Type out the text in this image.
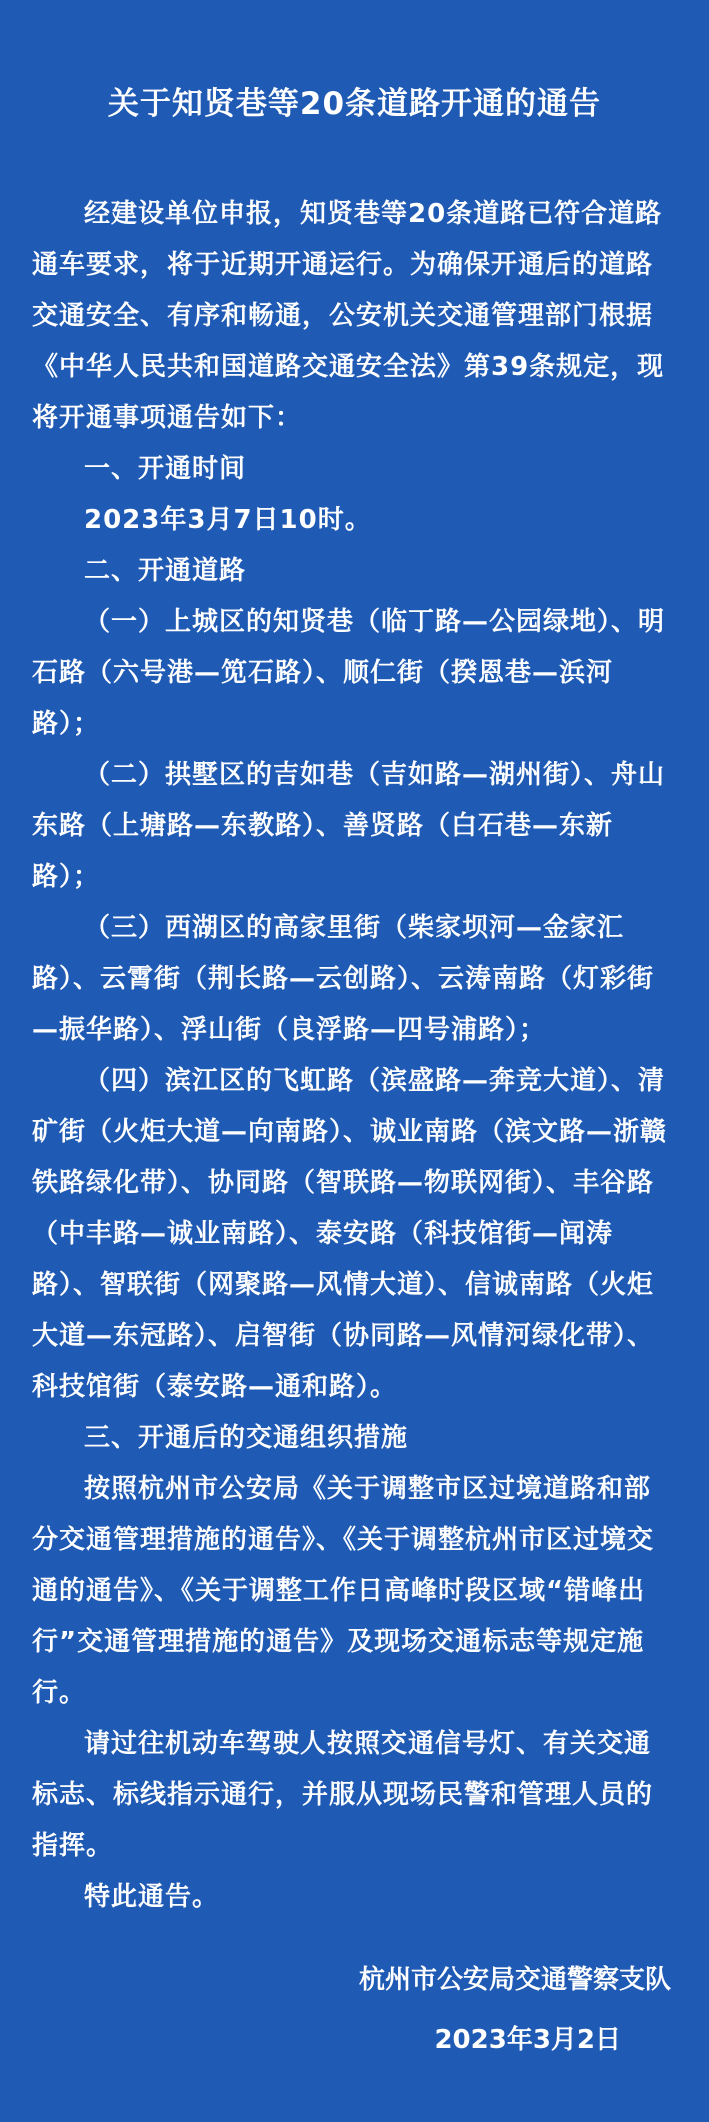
关于知贤巷等20条道路开通的通告

经建设单位申报，知贤巷等20条道路已符合道路通车要求，将于近期开通运行。为确保开通后的道路交通安全、有序和畅通，公安机关交通管理部门根据《中华人民共和国道路交通安全法》第39条规定，现将开通事项通告如下：

一、开通时间

2023年3月7日10时。

二、开通道路

（一）上城区的知贤巷（临丁路—公园绿地）、明石路（六号港—笕石路）、顺仁街（揆恩巷—浜河路）；

（二）拱墅区的吉如巷（吉如路—湖州街）、舟山东路（上塘路—东教路）、善贤路（白石巷—东新路）；

（三）西湖区的高家里街（柴家坝河—金家汇路）、云霄街（荆长路—云创路）、云涛南路（灯彩街—振华路）、浮山街（良浮路—四号浦路）；

（四）滨江区的飞虹路（滨盛路—奔竞大道）、清矿街（火炬大道—向南路）、诚业南路（滨文路—浙赣铁路绿化带）、协同路（智联路—物联网街）、丰谷路（中丰路—诚业南路）、泰安路（科技馆街—闻涛路）、智联街（网聚路—风情大道）、信诚南路（火炬大道—东冠路）、启智街（协同路—风情河绿化带）、科技馆街（泰安路—通和路）。

三、开通后的交通组织措施

按照杭州市公安局《关于调整市区过境道路和部分交通管理措施的通告》、《关于调整杭州市区过境交通的通告》、《关于调整工作日高峰时段区域“错峰出行”交通管理措施的通告》及现场交通标志等规定施行。

请过往机动车驾驶人按照交通信号灯、有关交通标志、标线指示通行，并服从现场民警和管理人员的指挥。

特此通告。

杭州市公安局交通警察支队
2023年3月2日
